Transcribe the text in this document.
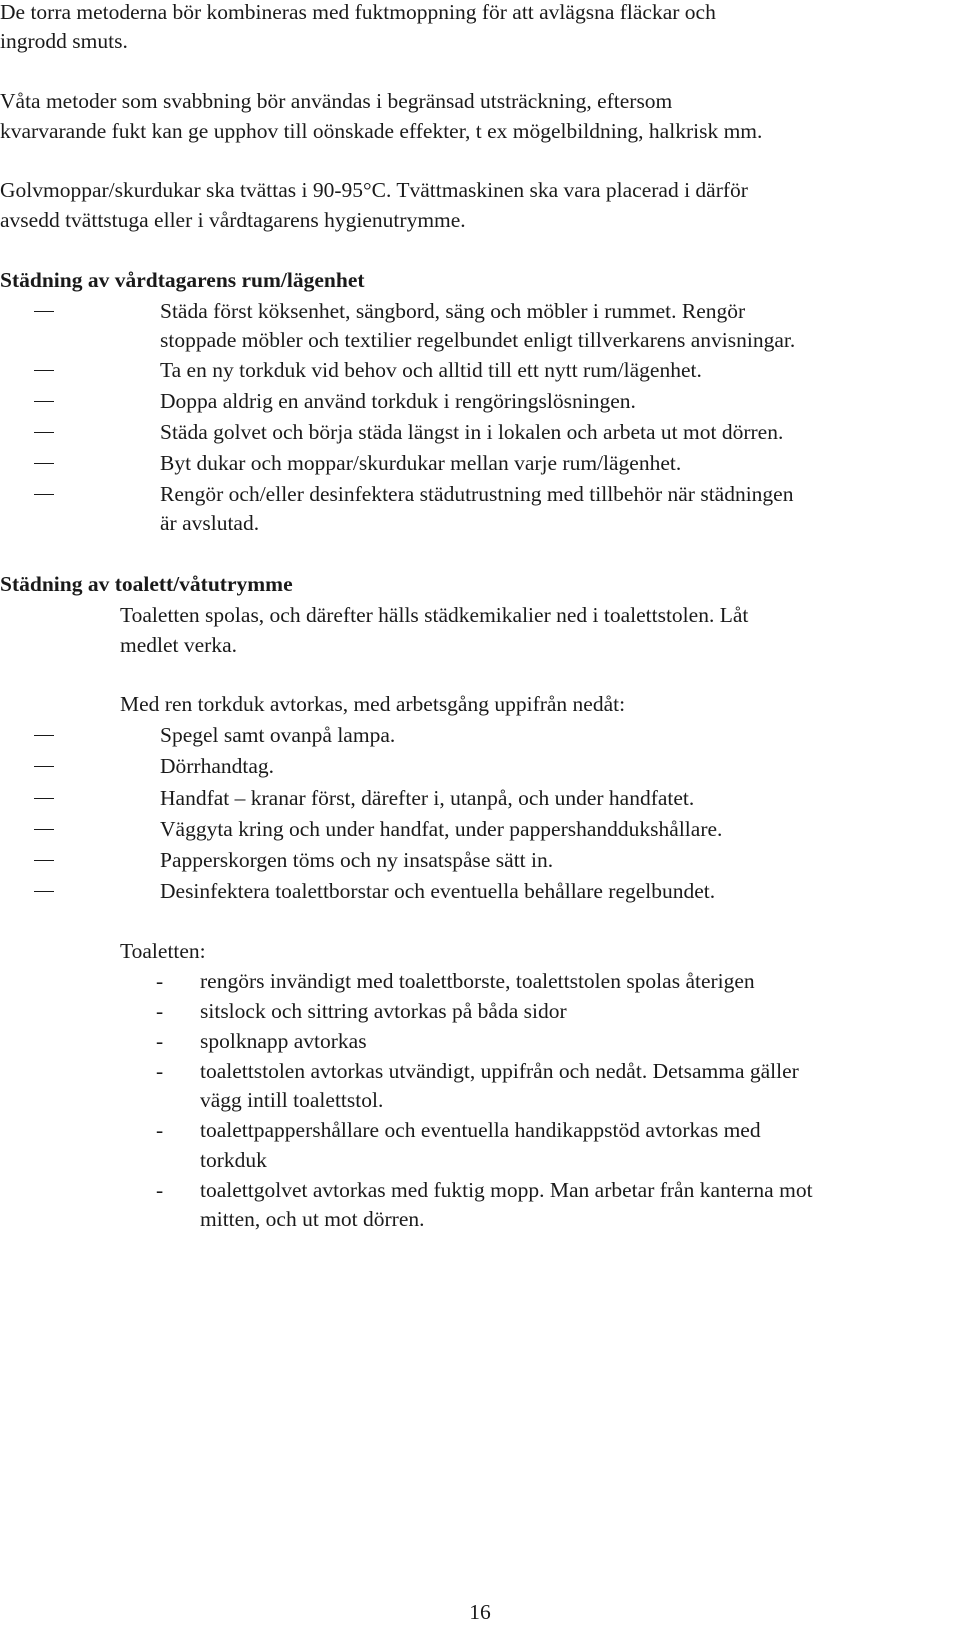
De torra metoderna bör kombineras med fuktmoppning för att avlägsna fläckar och
ingrodd smuts.
Våta metoder som svabbning bör användas i begränsad utsträckning, eftersom
kvarvarande fukt kan ge upphov till oönskade effekter, t ex mögelbildning, halkrisk mm.
Golvmoppar/skurdukar ska tvättas i 90-95°C. Tvättmaskinen ska vara placerad i därför
avsedd tvättstuga eller i vårdtagarens hygienutrymme.
Städning av vårdtagarens rum/lägenhet
Städa först köksenhet, sängbord, säng och möbler i rummet. Rengör
stoppade möbler och textilier regelbundet enligt tillverkarens anvisningar.
Ta en ny torkduk vid behov och alltid till ett nytt rum/lägenhet.
Doppa aldrig en använd torkduk i rengöringslösningen.
Städa golvet och börja städa längst in i lokalen och arbeta ut mot dörren.
Byt dukar och moppar/skurdukar mellan varje rum/lägenhet.
Rengör och/eller desinfektera städutrustning med tillbehör när städningen
är avslutad.
Städning av toalett/våtutrymme
Toaletten spolas, och därefter hälls städkemikalier ned i toalettstolen. Låt
medlet verka.
Med ren torkduk avtorkas, med arbetsgång uppifrån nedåt:
Spegel samt ovanpå lampa.
Dörrhandtag.
Handfat – kranar först, därefter i, utanpå, och under handfatet.
Väggyta kring och under handfat, under pappershanddukshållare.
Papperskorgen töms och ny insatspåse sätt in.
Desinfektera toalettborstar och eventuella behållare regelbundet.
Toaletten:
- rengörs invändigt med toalettborste, toalettstolen spolas återigen
- sitslock och sittring avtorkas på båda sidor
- spolknapp avtorkas
- toalettstolen avtorkas utvändigt, uppifrån och nedåt. Detsamma gäller
vägg intill toalettstol.
- toalettpappershållare och eventuella handikappstöd avtorkas med
torkduk
- toalettgolvet avtorkas med fuktig mopp. Man arbetar från kanterna mot
mitten, och ut mot dörren.
16
